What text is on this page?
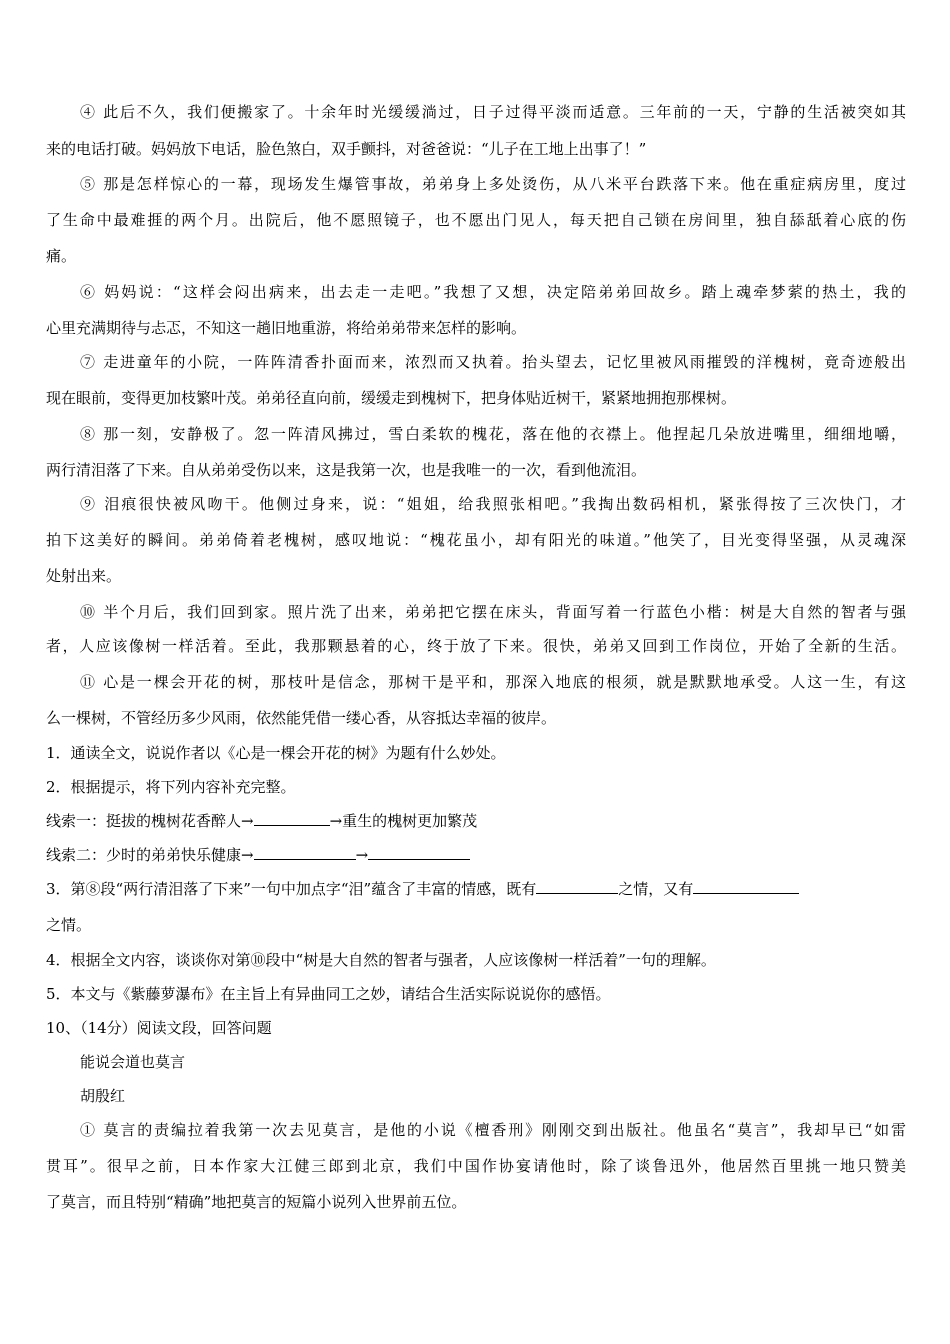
④ 此后不久，我们便搬家了。十余年时光缓缓淌过，日子过得平淡而适意。三年前的一天，宁静的生活被突如其
来的电话打破。妈妈放下电话，脸色煞白，双手颤抖，对爸爸说：“儿子在工地上出事了！”
⑤ 那是怎样惊心的一幕，现场发生爆管事故，弟弟身上多处烫伤，从八米平台跌落下来。他在重症病房里，度过
了生命中最难捱的两个月。出院后，他不愿照镜子，也不愿出门见人，每天把自己锁在房间里，独自舔舐着心底的伤
痛。
⑥ 妈妈说：“这样会闷出病来，出去走一走吧。”我想了又想，决定陪弟弟回故乡。踏上魂牵梦萦的热土，我的
心里充满期待与忐忑，不知这一趟旧地重游，将给弟弟带来怎样的影响。
⑦ 走进童年的小院，一阵阵清香扑面而来，浓烈而又执着。抬头望去，记忆里被风雨摧毁的洋槐树，竟奇迹般出
现在眼前，变得更加枝繁叶茂。弟弟径直向前，缓缓走到槐树下，把身体贴近树干，紧紧地拥抱那棵树。
⑧ 那一刻，安静极了。忽一阵清风拂过，雪白柔软的槐花，落在他的衣襟上。他捏起几朵放进嘴里，细细地嚼，
两行清泪落了下来。自从弟弟受伤以来，这是我第一次，也是我唯一的一次，看到他流泪。
⑨ 泪痕很快被风吻干。他侧过身来，说：“姐姐，给我照张相吧。”我掏出数码相机，紧张得按了三次快门，才
拍下这美好的瞬间。弟弟倚着老槐树，感叹地说：“槐花虽小，却有阳光的味道。”他笑了，目光变得坚强，从灵魂深
处射出来。
⑩ 半个月后，我们回到家。照片洗了出来，弟弟把它摆在床头，背面写着一行蓝色小楷：树是大自然的智者与强
者，人应该像树一样活着。至此，我那颗悬着的心，终于放了下来。很快，弟弟又回到工作岗位，开始了全新的生活。
⑪ 心是一棵会开花的树，那枝叶是信念，那树干是平和，那深入地底的根须，就是默默地承受。人这一生，有这
么一棵树，不管经历多少风雨，依然能凭借一缕心香，从容抵达幸福的彼岸。
1．通读全文，说说作者以《心是一棵会开花的树》为题有什么妙处。
2．根据提示，将下列内容补充完整。
线索一：挺拔的槐树花香醉人→	→重生的槐树更加繁茂
线索二：少时的弟弟快乐健康→	→
3．第⑧段“两行清泪落了下来”一句中加点字“泪”蕴含了丰富的情感，既有	之情，又有
之情。
4．根据全文内容，谈谈你对第⑩段中“树是大自然的智者与强者，人应该像树一样活着”一句的理解。
5．本文与《紫藤萝瀑布》在主旨上有异曲同工之妙，请结合生活实际说说你的感悟。
10、（14分）阅读文段，回答问题
能说会道也莫言
胡殷红
① 莫言的责编拉着我第一次去见莫言，是他的小说《檀香刑》刚刚交到出版社。他虽名“莫言”，我却早已“如雷
贯耳”。很早之前，日本作家大江健三郎到北京，我们中国作协宴请他时，除了谈鲁迅外，他居然百里挑一地只赞美
了莫言，而且特别“精确”地把莫言的短篇小说列入世界前五位。
